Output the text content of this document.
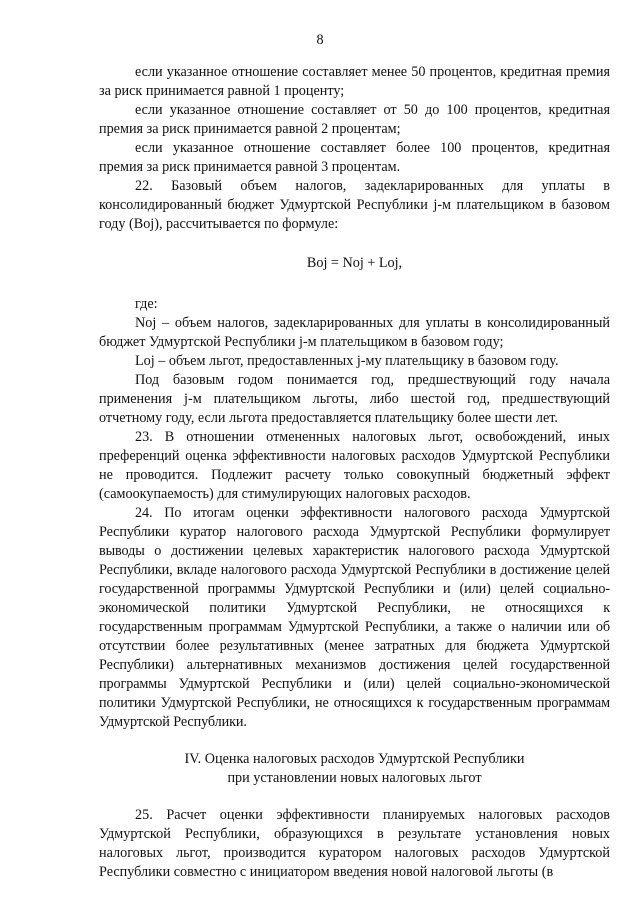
8

если указанное отношение составляет менее 50 процентов, кредитная премия за риск принимается равной 1 проценту;

если указанное отношение составляет от 50 до 100 процентов, кредитная премия за риск принимается равной 2 процентам;

если указанное отношение составляет более 100 процентов, кредитная премия за риск принимается равной 3 процентам.

22. Базовый объем налогов, задекларированных для уплаты в консолидированный бюджет Удмуртской Республики j-м плательщиком в базовом году (Boj), рассчитывается по формуле:

Boj = Noj + Loj,

где:

Noj – объем налогов, задекларированных для уплаты в консолидированный бюджет Удмуртской Республики j-м плательщиком в базовом году;

Loj – объем льгот, предоставленных j-му плательщику в базовом году.

Под базовым годом понимается год, предшествующий году начала применения j-м плательщиком льготы, либо шестой год, предшествующий отчетному году, если льгота предоставляется плательщику более шести лет.

23. В отношении отмененных налоговых льгот, освобождений, иных преференций оценка эффективности налоговых расходов Удмуртской Республики не проводится. Подлежит расчету только совокупный бюджетный эффект (самоокупаемость) для стимулирующих налоговых расходов.

24. По итогам оценки эффективности налогового расхода Удмуртской Республики куратор налогового расхода Удмуртской Республики формулирует выводы о достижении целевых характеристик налогового расхода Удмуртской Республики, вкладе налогового расхода Удмуртской Республики в достижение целей государственной программы Удмуртской Республики и (или) целей социально-экономической политики Удмуртской Республики, не относящихся к государственным программам Удмуртской Республики, а также о наличии или об отсутствии более результативных (менее затратных для бюджета Удмуртской Республики) альтернативных механизмов достижения целей государственной программы Удмуртской Республики и (или) целей социально-экономической политики Удмуртской Республики, не относящихся к государственным программам Удмуртской Республики.

IV. Оценка налоговых расходов Удмуртской Республики

при установлении новых налоговых льгот

25. Расчет оценки эффективности планируемых налоговых расходов Удмуртской Республики, образующихся в результате установления новых налоговых льгот, производится куратором налоговых расходов Удмуртской Республики совместно с инициатором введения новой налоговой льготы (в
